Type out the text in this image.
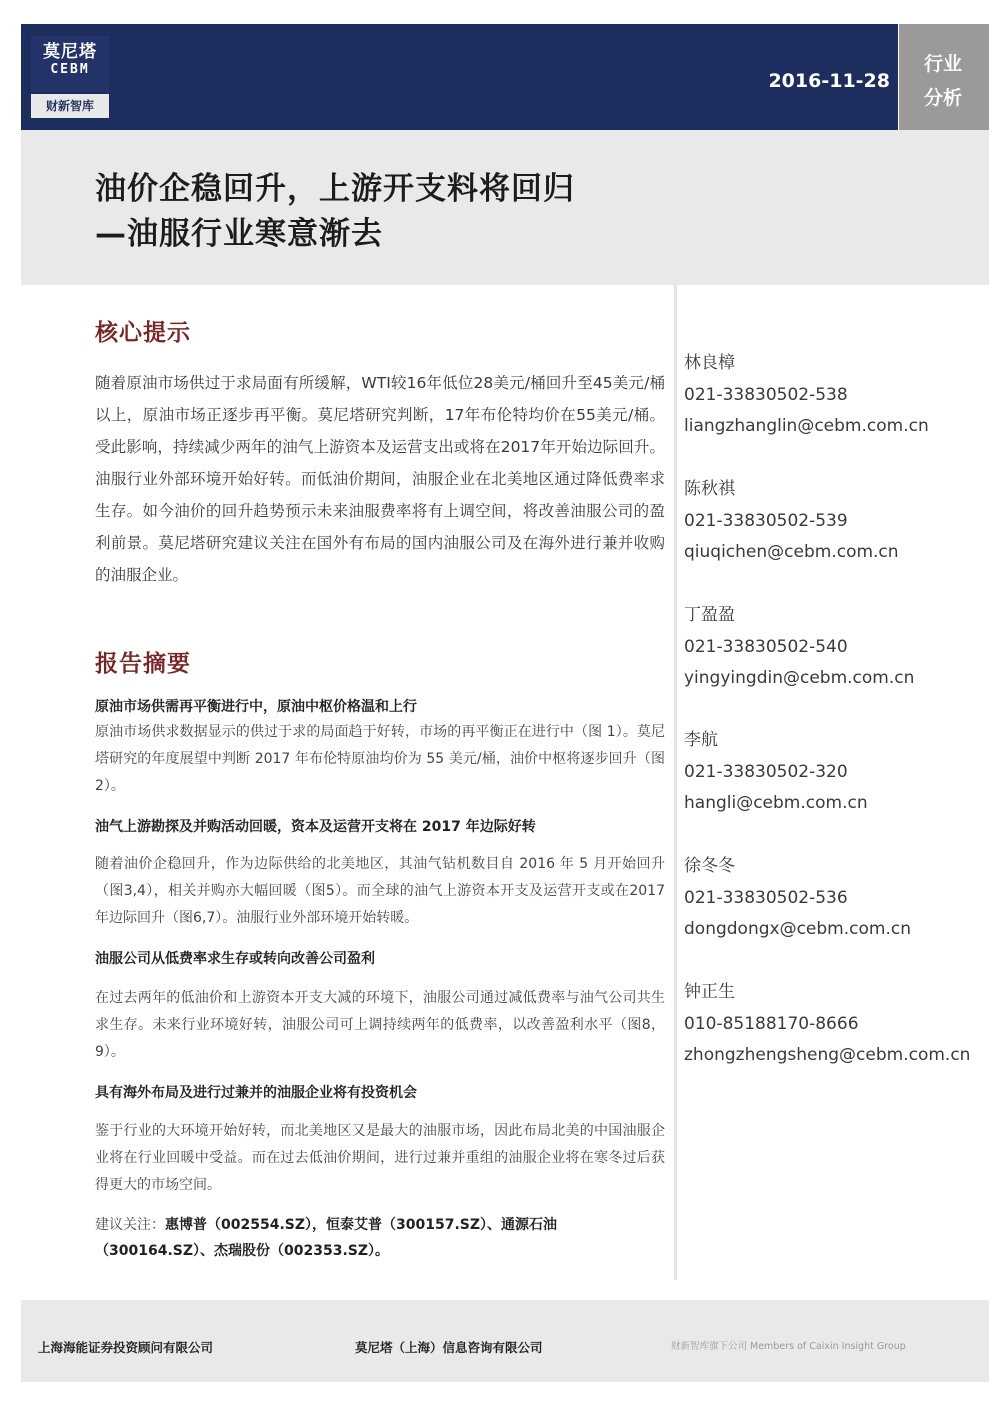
莫尼塔
CEBM
财新智库
2016-11-28
行业
分析
油价企稳回升，上游开支料将回归
—油服行业寒意渐去
核心提示
随着原油市场供过于求局面有所缓解，WTI较16年低位28美元/桶回升至45美元/桶以上，原油市场正逐步再平衡。莫尼塔研究判断，17年布伦特均价在55美元/桶。受此影响，持续减少两年的油气上游资本及运营支出或将在2017年开始边际回升。油服行业外部环境开始好转。而低油价期间，油服企业在北美地区通过降低费率求生存。如今油价的回升趋势预示未来油服费率将有上调空间，将改善油服公司的盈利前景。莫尼塔研究建议关注在国外有布局的国内油服公司及在海外进行兼并收购的油服企业。
报告摘要
原油市场供需再平衡进行中，原油中枢价格温和上行
原油市场供求数据显示的供过于求的局面趋于好转，市场的再平衡正在进行中（图 1）。莫尼塔研究的年度展望中判断 2017 年布伦特原油均价为 55 美元/桶，油价中枢将逐步回升（图 2）。
油气上游勘探及并购活动回暖，资本及运营开支将在 2017 年边际好转
随着油价企稳回升，作为边际供给的北美地区，其油气钻机数目自 2016 年 5 月开始回升（图3,4），相关并购亦大幅回暖（图5）。而全球的油气上游资本开支及运营开支或在2017年边际回升（图6,7）。油服行业外部环境开始转暖。
油服公司从低费率求生存或转向改善公司盈利
在过去两年的低油价和上游资本开支大减的环境下，油服公司通过减低费率与油气公司共生求生存。未来行业环境好转，油服公司可上调持续两年的低费率，以改善盈利水平（图8，9）。
具有海外布局及进行过兼并的油服企业将有投资机会
鉴于行业的大环境开始好转，而北美地区又是最大的油服市场，因此布局北美的中国油服企业将在行业回暖中受益。而在过去低油价期间，进行过兼并重组的油服企业将在寒冬过后获得更大的市场空间。
建议关注：惠博普（002554.SZ），恒泰艾普（300157.SZ）、通源石油
（300164.SZ）、杰瑞股份（002353.SZ）。
林良樟
021-33830502-538
liangzhanglin@cebm.com.cn
陈秋祺
021-33830502-539
qiuqichen@cebm.com.cn
丁盈盈
021-33830502-540
yingyingdin@cebm.com.cn
李航
021-33830502-320
hangli@cebm.com.cn
徐冬冬
021-33830502-536
dongdongx@cebm.com.cn
钟正生
010-85188170-8666
zhongzhengsheng@cebm.com.cn
上海海能证券投资顾问有限公司	莫尼塔（上海）信息咨询有限公司	财新智库旗下公司 Members of Caixin Insight Group
